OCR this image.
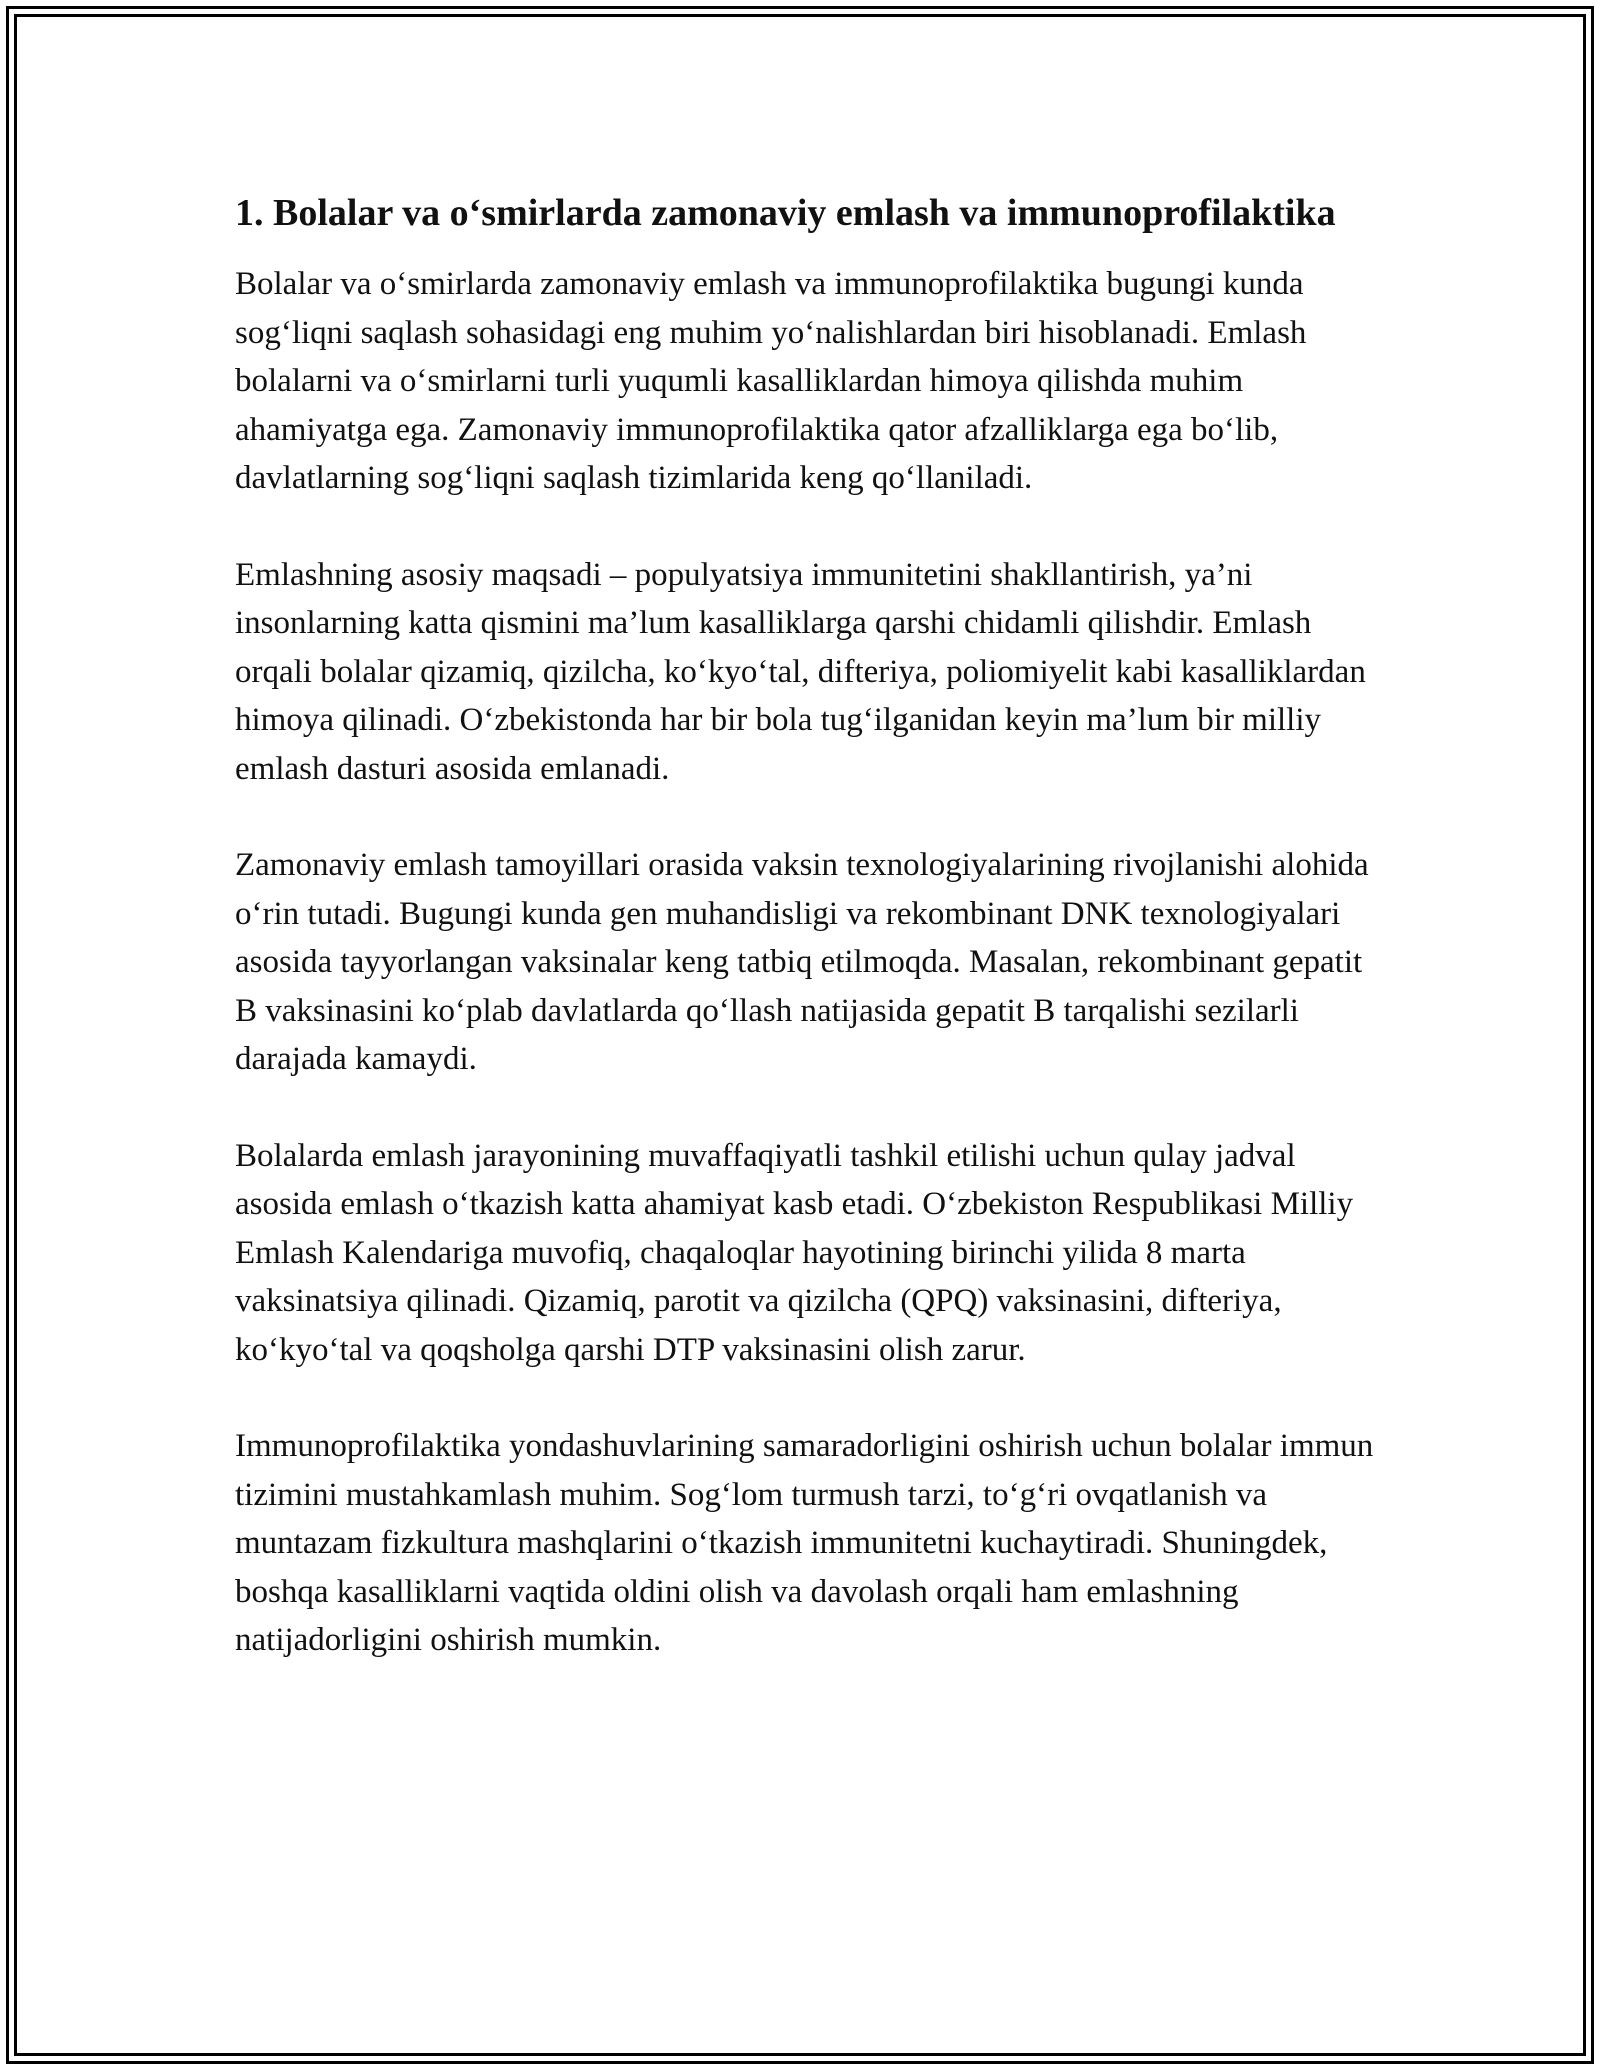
1. Bolalar va o‘smirlarda zamonaviy emlash va immunoprofilaktika

Bolalar va o‘smirlarda zamonaviy emlash va immunoprofilaktika bugungi kunda sog‘liqni saqlash sohasidagi eng muhim yo‘nalishlardan biri hisoblanadi. Emlash bolalarni va o‘smirlarni turli yuqumli kasalliklardan himoya qilishda muhim ahamiyatga ega. Zamonaviy immunoprofilaktika qator afzalliklarga ega bo‘lib, davlatlarning sog‘liqni saqlash tizimlarida keng qo‘llaniladi.

Emlashning asosiy maqsadi – populyatsiya immunitetini shakllantirish, ya’ni insonlarning katta qismini ma’lum kasalliklarga qarshi chidamli qilishdir. Emlash orqali bolalar qizamiq, qizilcha, ko‘kyo‘tal, difteriya, poliomiyelit kabi kasalliklardan himoya qilinadi. O‘zbekistonda har bir bola tug‘ilganidan keyin ma’lum bir milliy emlash dasturi asosida emlanadi.

Zamonaviy emlash tamoyillari orasida vaksin texnologiyalarining rivojlanishi alohida o‘rin tutadi. Bugungi kunda gen muhandisligi va rekombinant DNK texnologiyalari asosida tayyorlangan vaksinalar keng tatbiq etilmoqda. Masalan, rekombinant gepatit B vaksinasini ko‘plab davlatlarda qo‘llash natijasida gepatit B tarqalishi sezilarli darajada kamaydi.

Bolalarda emlash jarayonining muvaffaqiyatli tashkil etilishi uchun qulay jadval asosida emlash o‘tkazish katta ahamiyat kasb etadi. O‘zbekiston Respublikasi Milliy Emlash Kalendariga muvofiq, chaqaloqlar hayotining birinchi yilida 8 marta vaksinatsiya qilinadi. Qizamiq, parotit va qizilcha (QPQ) vaksinasini, difteriya, ko‘kyo‘tal va qoqsholga qarshi DTP vaksinasini olish zarur.

Immunoprofilaktika yondashuvlarining samaradorligini oshirish uchun bolalar immun tizimini mustahkamlash muhim. Sog‘lom turmush tarzi, to‘g‘ri ovqatlanish va muntazam fizkultura mashqlarini o‘tkazish immunitetni kuchaytiradi. Shuningdek, boshqa kasalliklarni vaqtida oldini olish va davolash orqali ham emlashning natijadorligini oshirish mumkin.
